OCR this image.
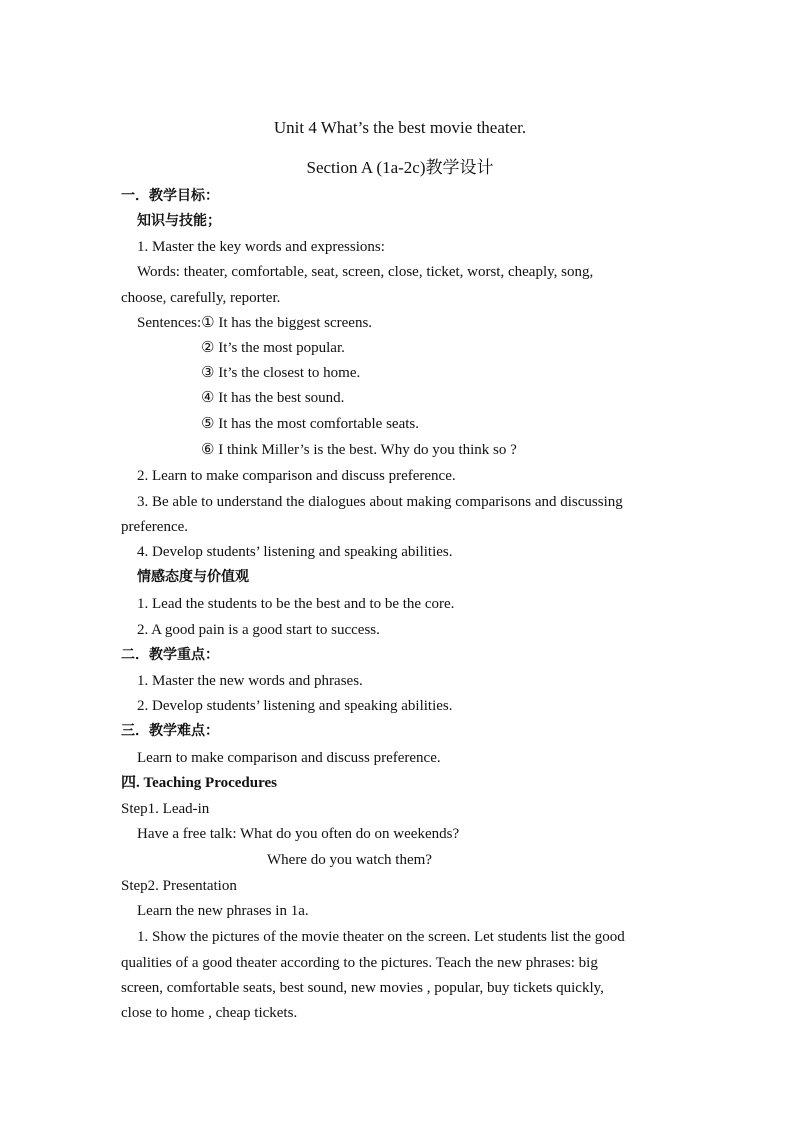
Unit 4 What’s the best movie theater.
Section A (1a-2c)教学设计
一．教学目标：
知识与技能；
1. Master the key words and expressions:
Words: theater, comfortable, seat, screen, close, ticket, worst, cheaply, song,
choose, carefully, reporter.
Sentences:① It has the biggest screens.
② It’s the most popular.
③ It’s the closest to home.
④ It has the best sound.
⑤ It has the most comfortable seats.
⑥ I think Miller’s is the best. Why do you think so ?
2. Learn to make comparison and discuss preference.
3. Be able to understand the dialogues about making comparisons and discussing
preference.
4. Develop students’ listening and speaking abilities.
情感态度与价值观
1. Lead the students to be the best and to be the core.
2. A good pain is a good start to success.
二．教学重点：
1. Master the new words and phrases.
2. Develop students’ listening and speaking abilities.
三．教学难点：
Learn to make comparison and discuss preference.
四. Teaching Procedures
Step1. Lead-in
Have a free talk: What do you often do on weekends?
Where do you watch them?
Step2. Presentation
Learn the new phrases in 1a.
1. Show the pictures of the movie theater on the screen. Let students list the good
qualities of a good theater according to the pictures. Teach the new phrases: big
screen, comfortable seats, best sound, new movies , popular, buy tickets quickly,
close to home , cheap tickets.
